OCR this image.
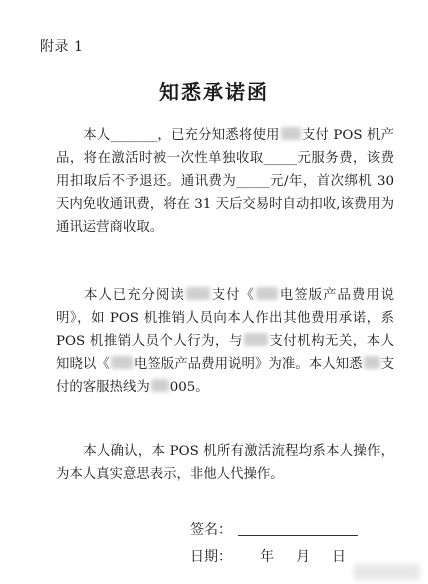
附录 1
知悉承诺函

本人_______，已充分知悉将使用 支付 POS 机产品，将在激活时被一次性单独收取_____元服务费，该费用扣取后不予退还。通讯费为_____元/年，首次绑机 30 天内免收通讯费，将在 31 天后交易时自动扣收,该费用为通讯运营商收取。

本人已充分阅读 支付《 电签版产品费用说明》，如 POS 机推销人员向本人作出其他费用承诺，系 POS 机推销人员个人行为，与 支付机构无关，本人知晓以《 电签版产品费用说明》为准。本人知悉 支付的客服热线为 005。

本人确认，本 POS 机所有激活流程均系本人操作，为本人真实意思表示，非他人代操作。

签名：
日期： 年 月 日
